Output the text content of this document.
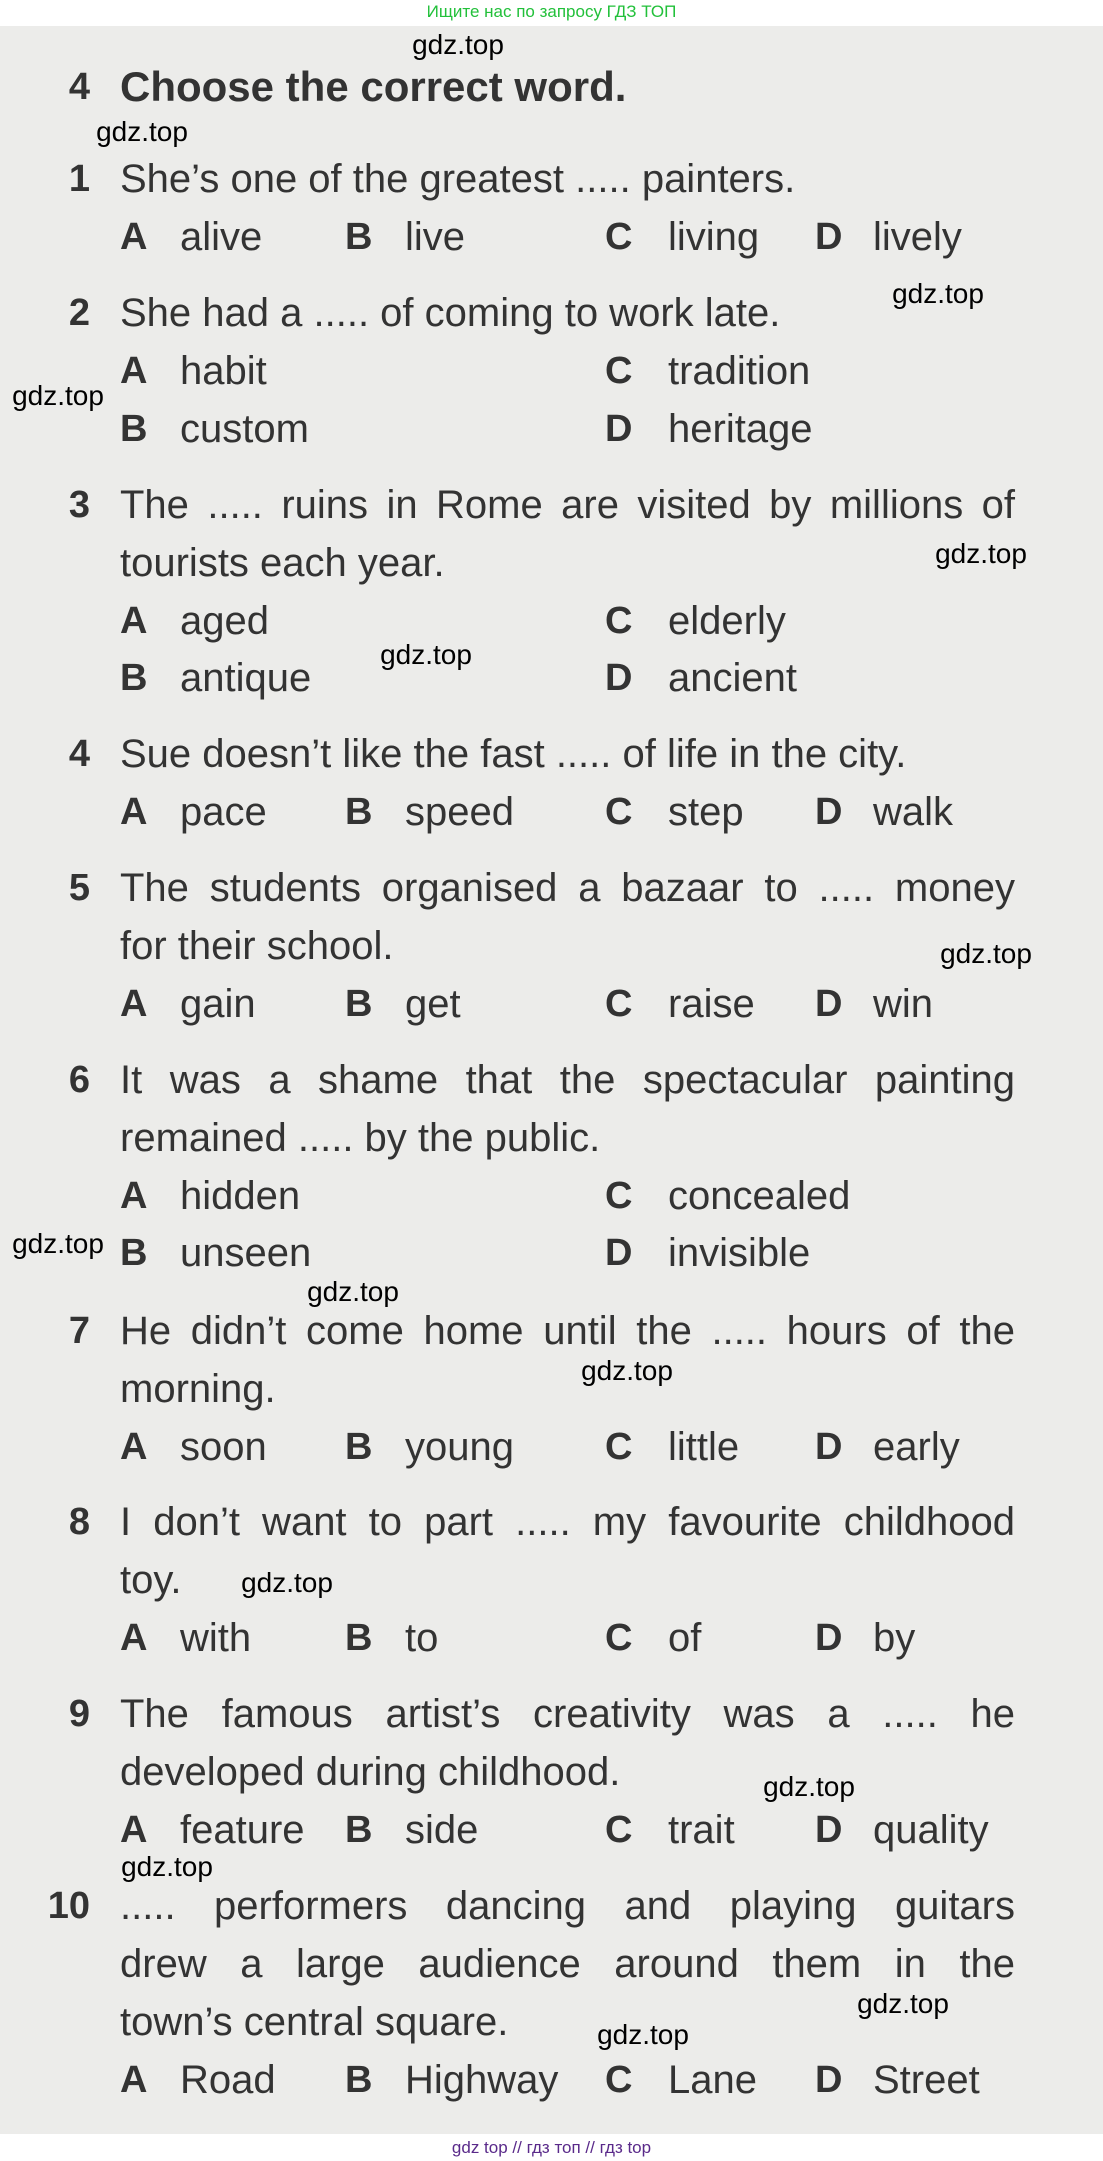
Ищите нас по запросу ГДЗ ТОП
4 Choose the correct word.
1 She’s one of the greatest ..... painters.
A alive B live	C living D lively
2 She had a ..... of coming to work late.
A habit	C tradition
B custom	D heritage
3 The ..... ruins in Rome are visited by millions of
tourists each year.
A aged	C elderly
B antique	D ancient
4 Sue doesn’t like the fast ..... of life in the city.
A pace B speed C step D walk
5 The students organised a bazaar to ..... money
for their school.
A gain B get	C raise D win
6 It was a shame that the spectacular painting
remained ..... by the public.
A hidden	C concealed
B unseen	D invisible
7 He didn’t come home until the ..... hours of the
morning.
A soon B young C little D early
8 I don’t want to part ..... my favourite childhood
toy.
A with B to	C of	D by
9 The famous artist’s creativity was a ..... he
developed during childhood.
A feature B side	C trait D quality
10 ..... performers dancing and playing guitars
drew a large audience around them in the
town’s central square.
A Road B Highway C Lane D Street
gdz.top
gdz.top
gdz.top
gdz.top
gdz.top
gdz.top
gdz.top
gdz.top
gdz.top
gdz.top
gdz.top
gdz.top
gdz.top
gdz.top
gdz.top
gdz top // гдз топ // гдз top
